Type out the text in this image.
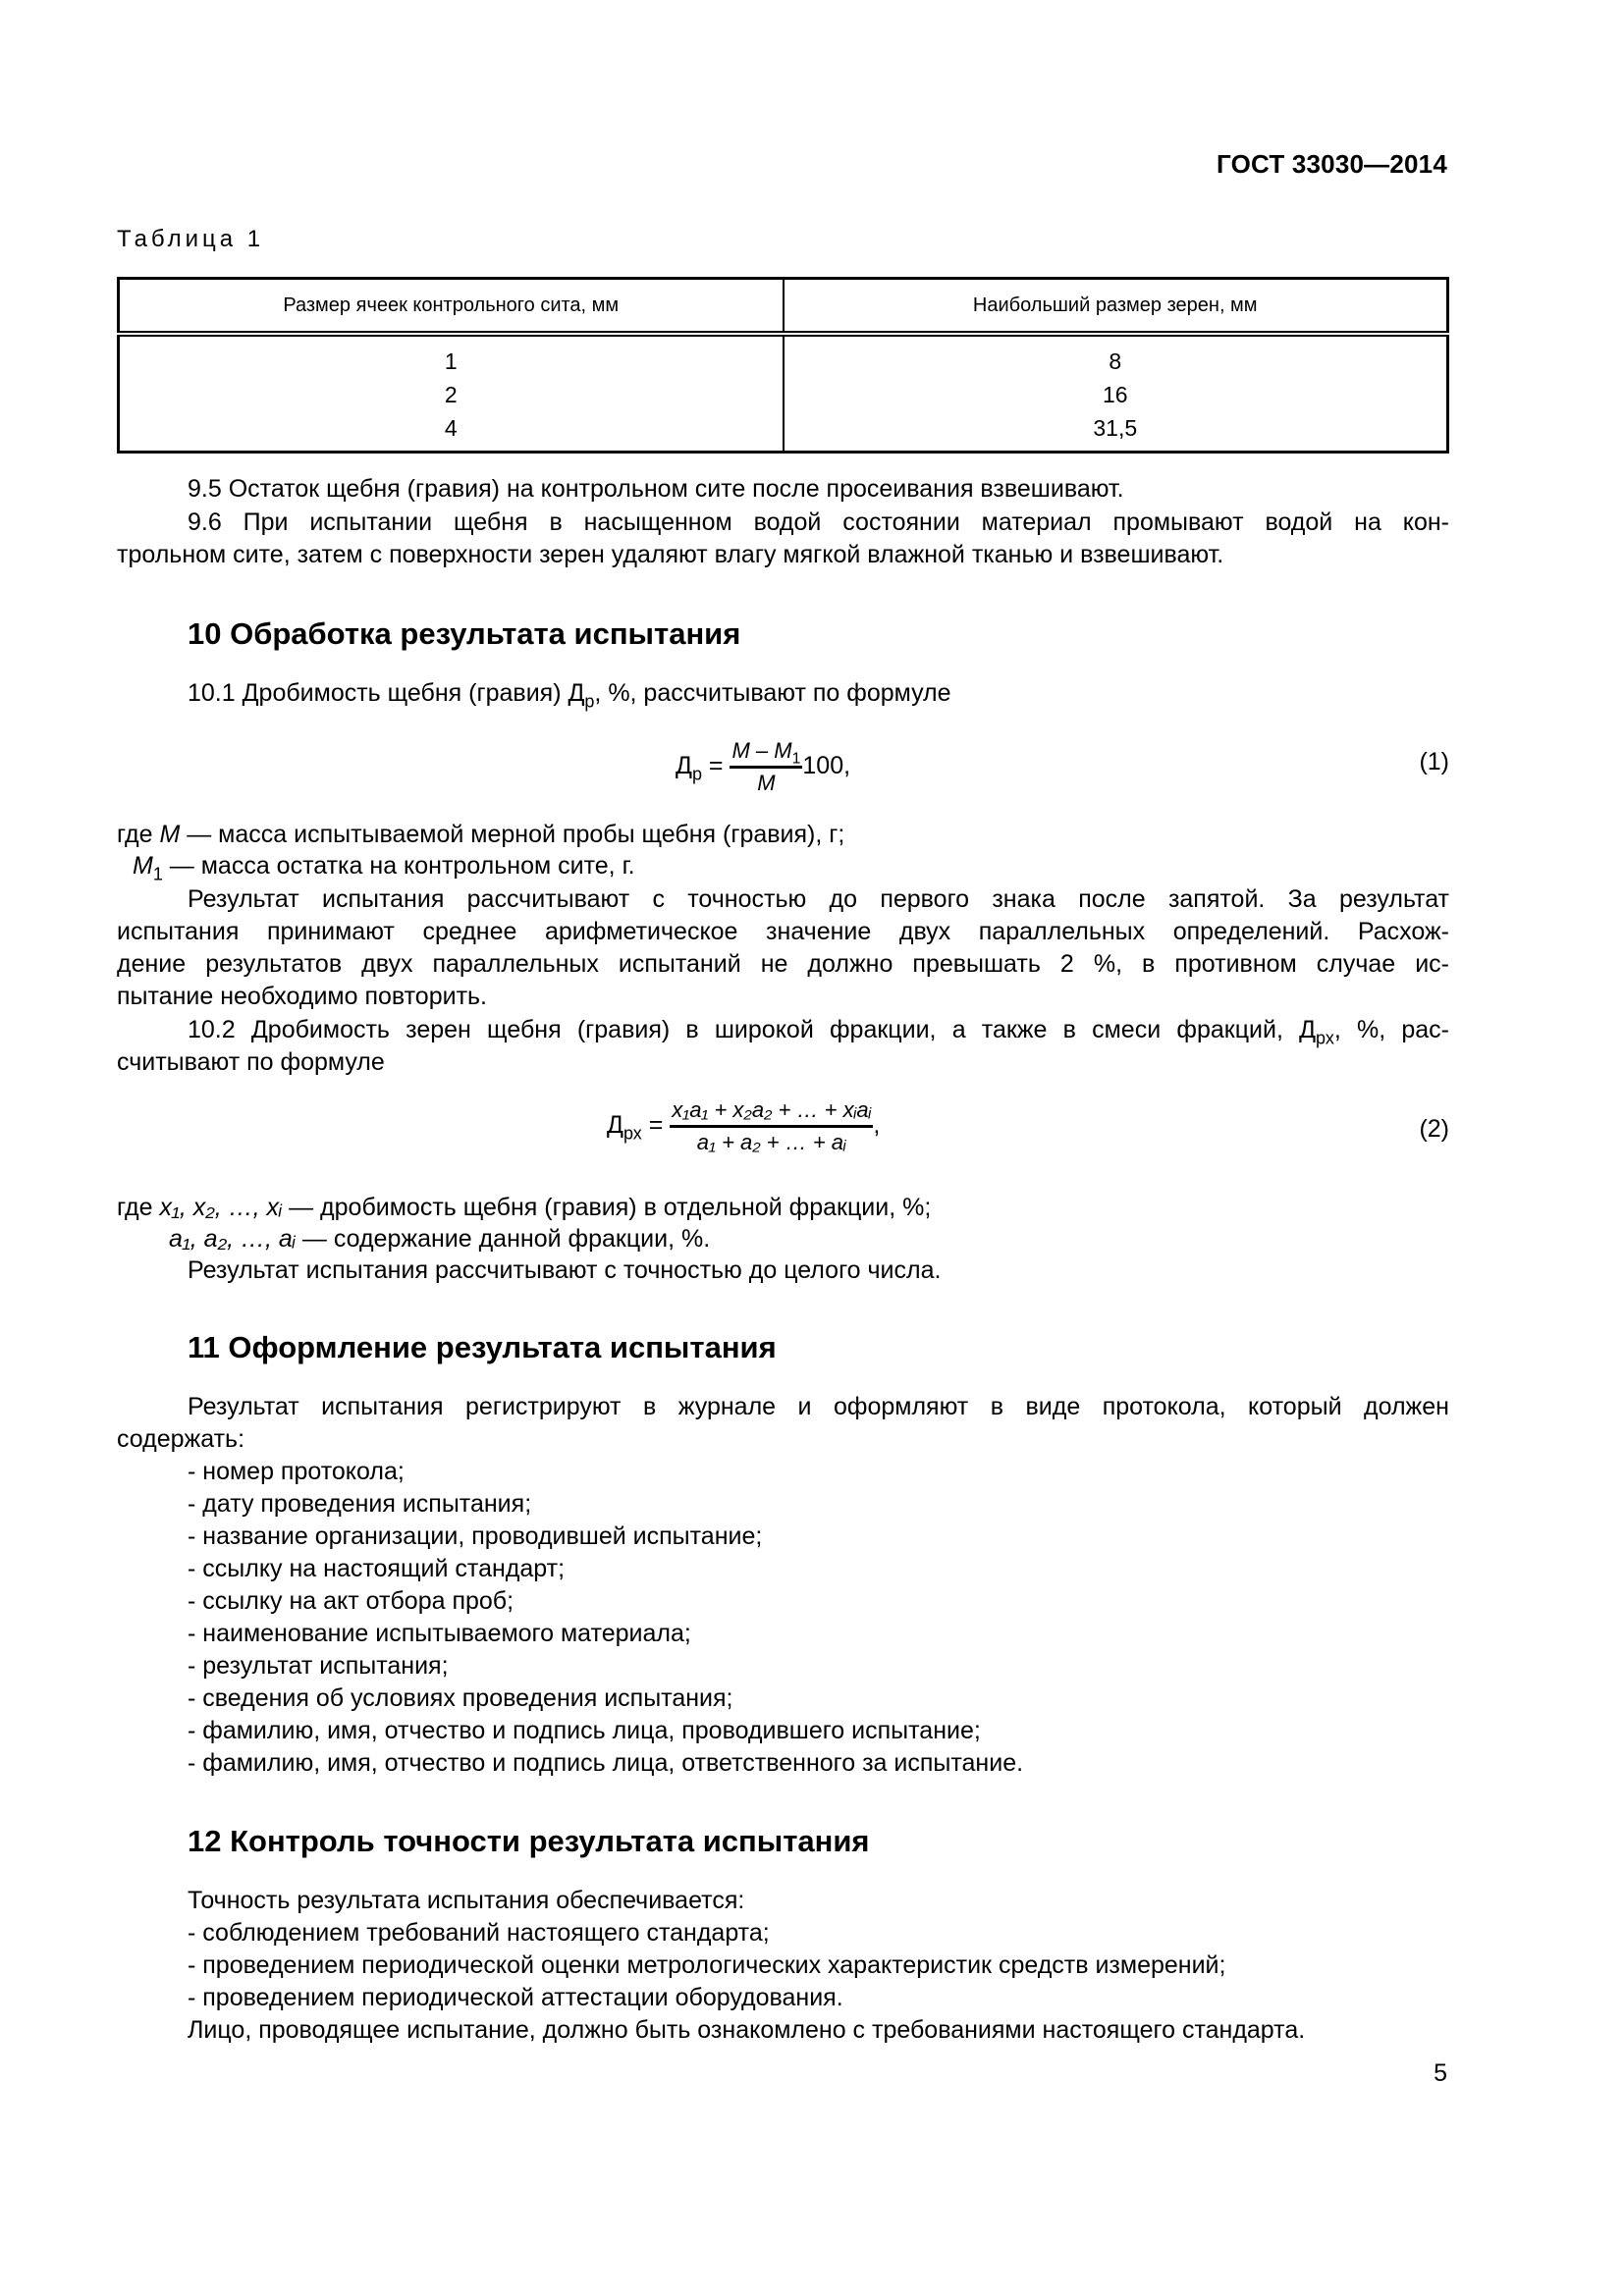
ГОСТ 33030—2014
Таблица 1
Размер ячеек контрольного сита, мм	Наибольший размер зерен, мм
1	8
2	16
4	31,5
9.5 Остаток щебня (гравия) на контрольном сите после просеивания взвешивают.
9.6 При испытании щебня в насыщенном водой состоянии материал промывают водой на кон-
трольном сите, затем с поверхности зерен удаляют влагу мягкой влажной тканью и взвешивают.
10 Обработка результата испытания
10.1 Дробимость щебня (гравия) $Д_р$, %, рассчитывают по формуле
$Д_р = \frac{M - M_1}{M} 100$,	(1)
где M — масса испытываемой мерной пробы щебня (гравия), г;
$M_1$ — масса остатка на контрольном сите, г.
Результат испытания рассчитывают с точностью до первого знака после запятой. За результат
испытания принимают среднее арифметическое значение двух параллельных определений. Расхож-
дение результатов двух параллельных испытаний не должно превышать 2 %, в противном случае ис-
пытание необходимо повторить.
10.2 Дробимость зерен щебня (гравия) в широкой фракции, а также в смеси фракций, $Д_{рх}$, %, рас-
считывают по формуле
$Д_{рх} = \frac{\text{x₁a₁ + x₂a₂ + … + xᵢaᵢ}}{\text{a₁ + a₂ + … + aᵢ}}$ ,	(2)
где x₁, x₂, …, xᵢ — дробимость щебня (гравия) в отдельной фракции, %;
a₁, a₂, …, aᵢ — содержание данной фракции, %.
Результат испытания рассчитывают с точностью до целого числа.
11 Оформление результата испытания
Результат испытания регистрируют в журнале и оформляют в виде протокола, который должен
содержать:
- номер протокола;
- дату проведения испытания;
- название организации, проводившей испытание;
- ссылку на настоящий стандарт;
- ссылку на акт отбора проб;
- наименование испытываемого материала;
- результат испытания;
- сведения об условиях проведения испытания;
- фамилию, имя, отчество и подпись лица, проводившего испытание;
- фамилию, имя, отчество и подпись лица, ответственного за испытание.
12 Контроль точности результата испытания
Точность результата испытания обеспечивается:
- соблюдением требований настоящего стандарта;
- проведением периодической оценки метрологических характеристик средств измерений;
- проведением периодической аттестации оборудования.
Лицо, проводящее испытание, должно быть ознакомлено с требованиями настоящего стандарта.
5
